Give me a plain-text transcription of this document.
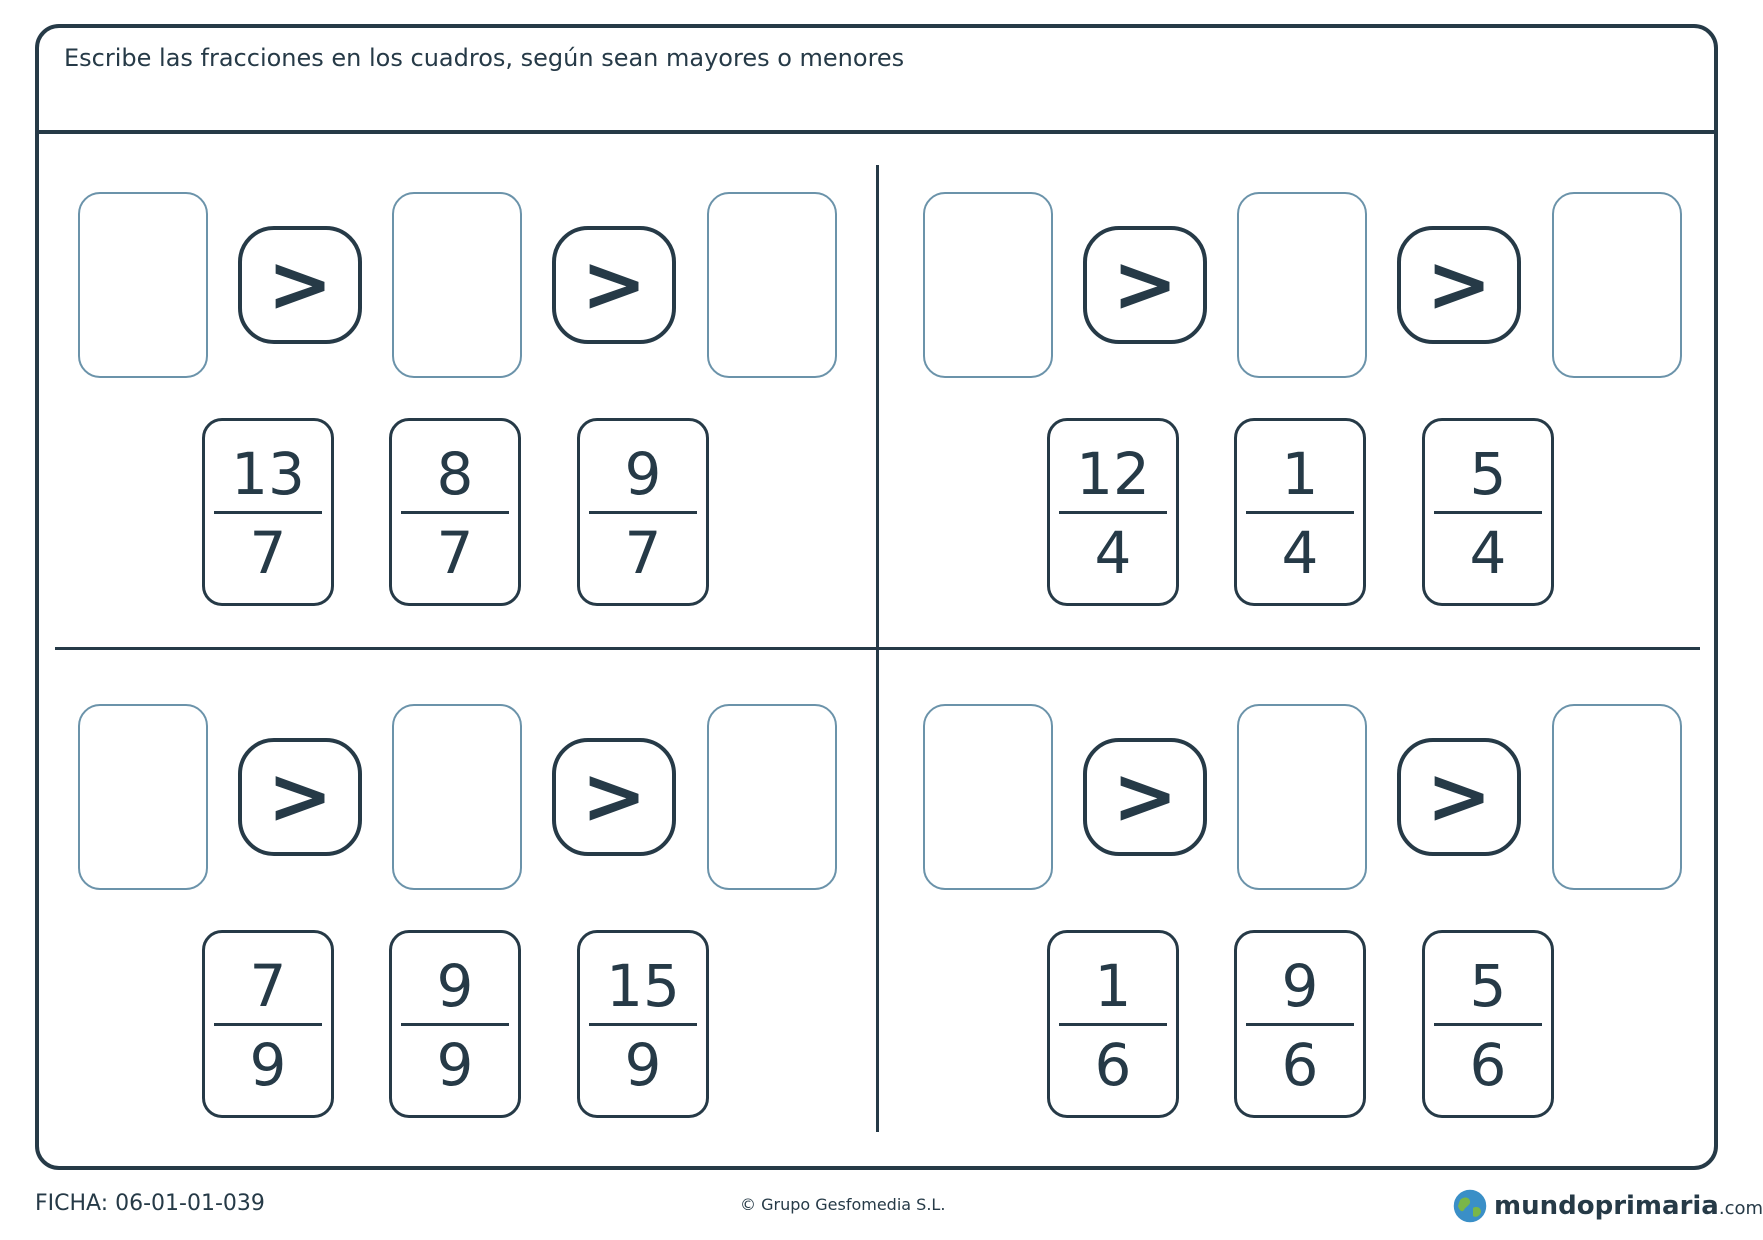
Escribe las fracciones en los cuadros, según sean mayores o menores
>	>
13
7
8
7
9
7
>	>
12
4
1
4
5
4
>	>
7
9
9
9
15
9
>	>
1
6
9
6
5
6
FICHA: 06-01-01-039	© Grupo Gesfomedia S.L.	mundoprimaria.com
